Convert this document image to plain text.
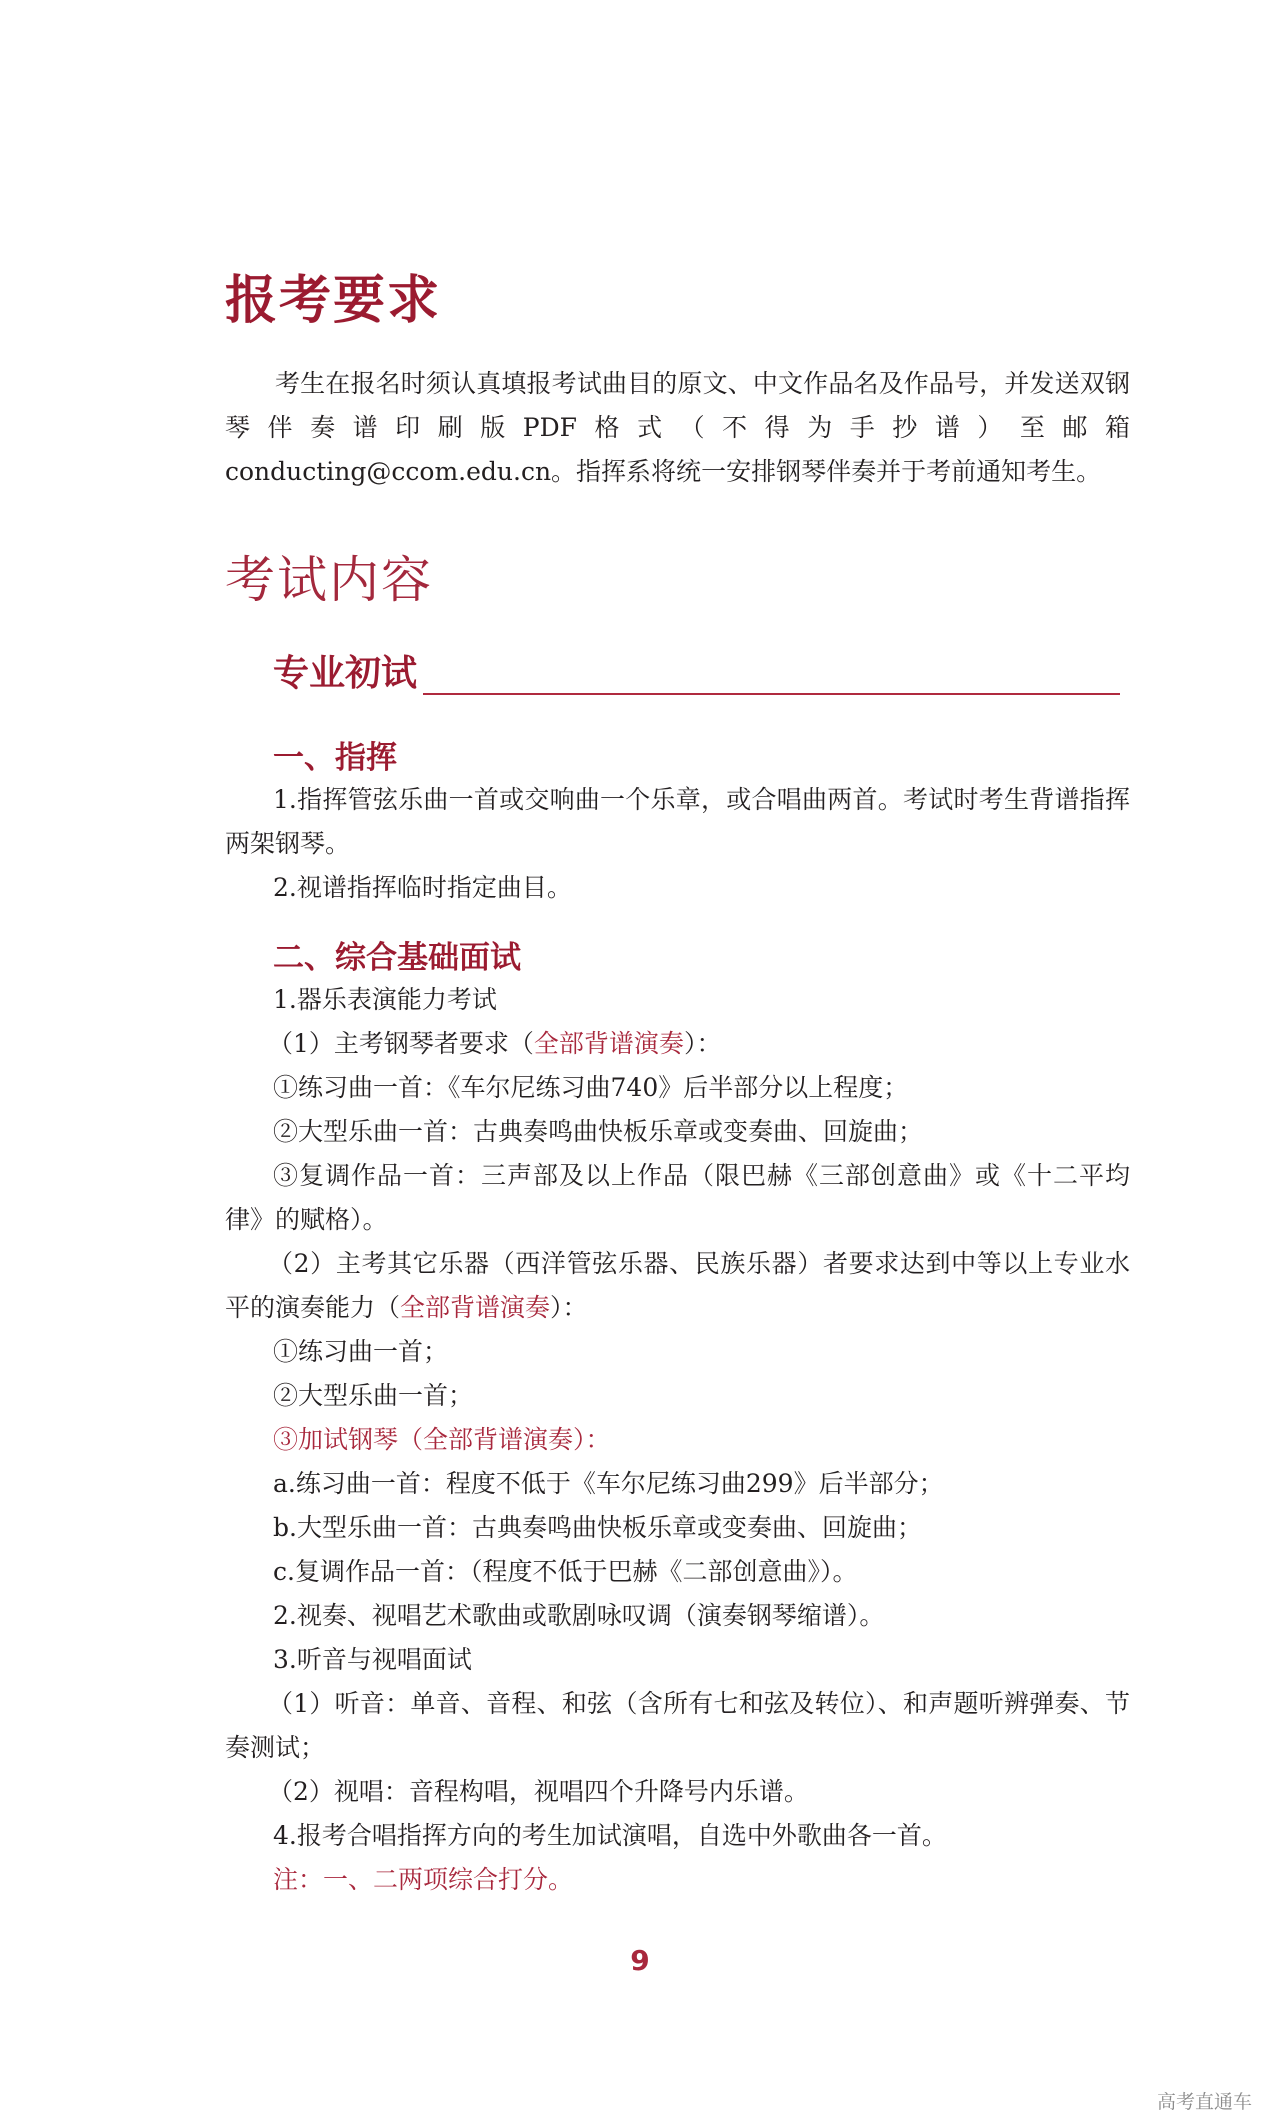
报考要求

考生在报名时须认真填报考试曲目的原文、中文作品名及作品号，并发送双钢琴伴奏谱印刷版PDF格式（不得为手抄谱）至邮箱conducting@ccom.edu.cn。指挥系将统一安排钢琴伴奏并于考前通知考生。

考试内容
专业初试
一、指挥

1.指挥管弦乐曲一首或交响曲一个乐章，或合唱曲两首。考试时考生背谱指挥两架钢琴。

2.视谱指挥临时指定曲目。

二、综合基础面试

1.器乐表演能力考试

（1）主考钢琴者要求（全部背谱演奏）：

①练习曲一首：《车尔尼练习曲740》后半部分以上程度；

②大型乐曲一首：古典奏鸣曲快板乐章或变奏曲、回旋曲；

③复调作品一首：三声部及以上作品（限巴赫《三部创意曲》或《十二平均律》的赋格）。

（2）主考其它乐器（西洋管弦乐器、民族乐器）者要求达到中等以上专业水平的演奏能力（全部背谱演奏）：

①练习曲一首；

②大型乐曲一首；

③加试钢琴（全部背谱演奏）：

a.练习曲一首：程度不低于《车尔尼练习曲299》后半部分；

b.大型乐曲一首：古典奏鸣曲快板乐章或变奏曲、回旋曲；

c.复调作品一首：（程度不低于巴赫《二部创意曲》）。

2.视奏、视唱艺术歌曲或歌剧咏叹调（演奏钢琴缩谱）。

3.听音与视唱面试

（1）听音：单音、音程、和弦（含所有七和弦及转位）、和声题听辨弹奏、节奏测试；

（2）视唱：音程构唱，视唱四个升降号内乐谱。

4.报考合唱指挥方向的考生加试演唱，自选中外歌曲各一首。

注：一、二两项综合打分。

9
高考直通车
